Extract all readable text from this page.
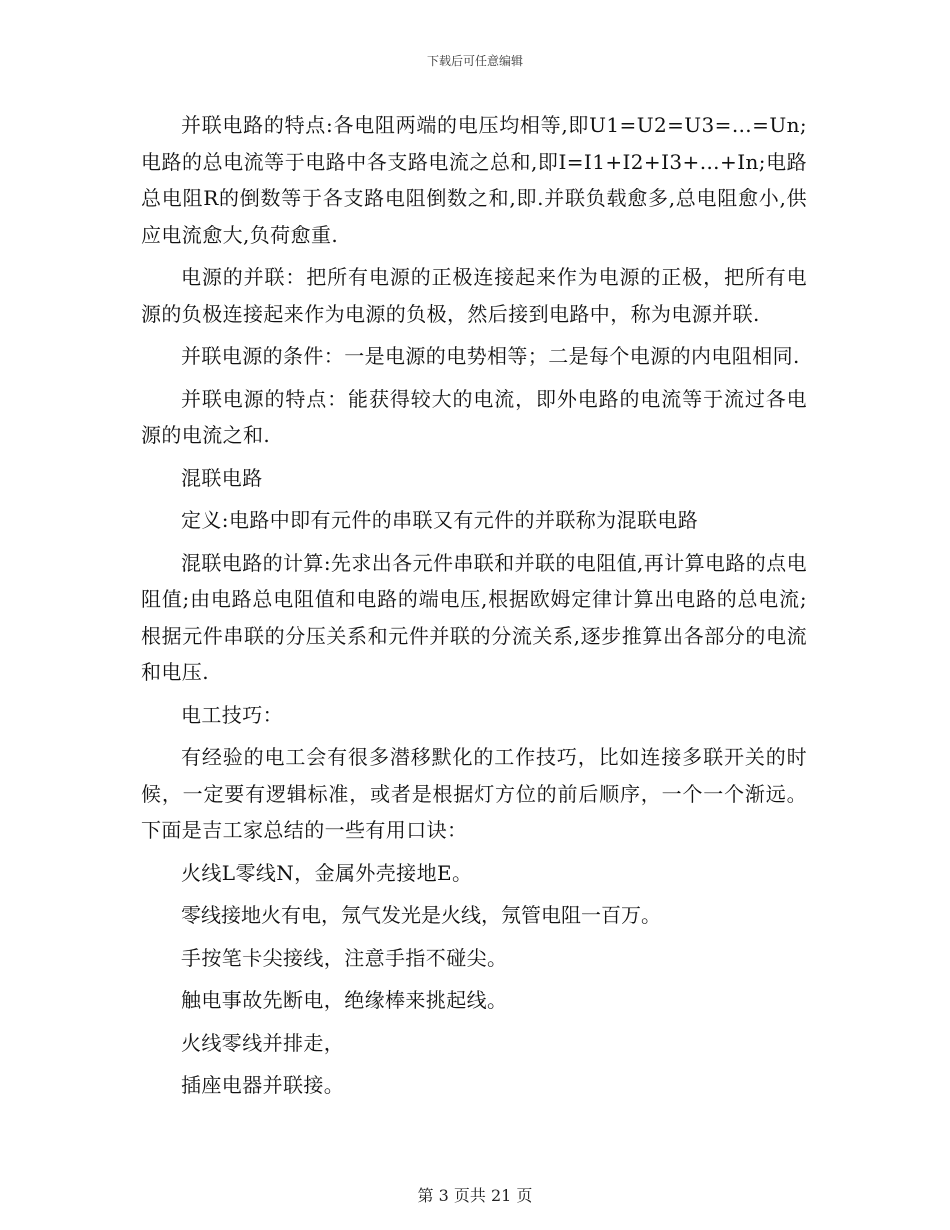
下载后可任意编辑

并联电路的特点:各电阻两端的电压均相等,即U1=U2=U3=…=Un;电路的总电流等于电路中各支路电流之总和,即I=I1+I2+I3+…+In;电路总电阻R的倒数等于各支路电阻倒数之和,即.并联负载愈多,总电阻愈小,供应电流愈大,负荷愈重.

电源的并联：把所有电源的正极连接起来作为电源的正极，把所有电源的负极连接起来作为电源的负极，然后接到电路中，称为电源并联.

并联电源的条件：一是电源的电势相等；二是每个电源的内电阻相同.

并联电源的特点：能获得较大的电流，即外电路的电流等于流过各电源的电流之和.

混联电路

定义:电路中即有元件的串联又有元件的并联称为混联电路

混联电路的计算:先求出各元件串联和并联的电阻值,再计算电路的点电阻值;由电路总电阻值和电路的端电压,根据欧姆定律计算出电路的总电流;根据元件串联的分压关系和元件并联的分流关系,逐步推算出各部分的电流和电压.

电工技巧：

有经验的电工会有很多潜移默化的工作技巧，比如连接多联开关的时候，一定要有逻辑标准，或者是根据灯方位的前后顺序，一个一个渐远。下面是吉工家总结的一些有用口诀：

火线L零线N，金属外壳接地E。

零线接地火有电，氖气发光是火线，氖管电阻一百万。

手按笔卡尖接线，注意手指不碰尖。

触电事故先断电，绝缘棒来挑起线。

火线零线并排走，

插座电器并联接。

第 3 页共 21 页
